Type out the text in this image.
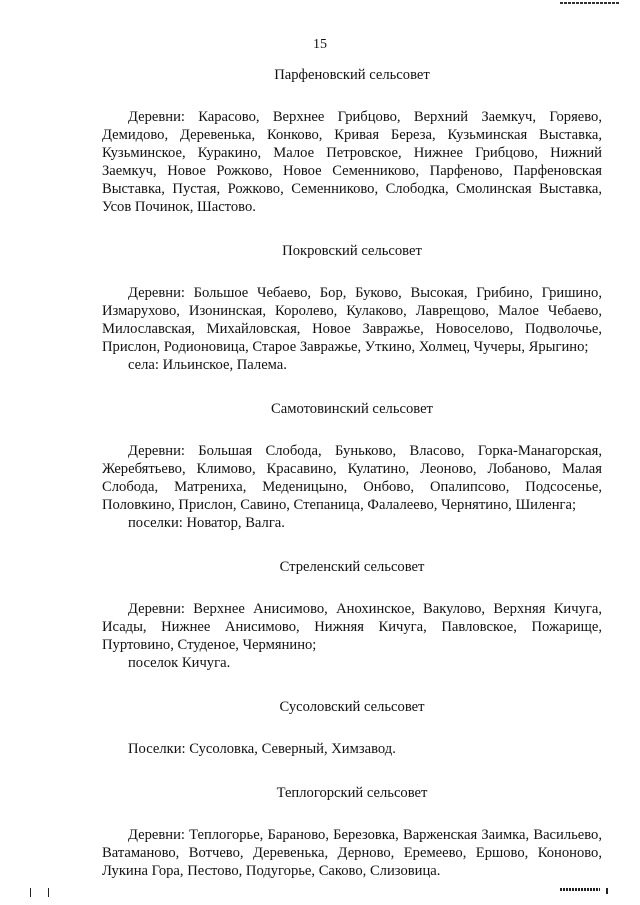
15

Парфеновский сельсовет

Деревни: Карасово, Верхнее Грибцово, Верхний Заемкуч, Горяево, Демидово, Деревенька, Конково, Кривая Береза, Кузьминская Выставка, Кузьминское, Куракино, Малое Петровское, Нижнее Грибцово, Нижний Заемкуч, Новое Рожково, Новое Семенниково, Парфеново, Парфеновская Выставка, Пустая, Рожково, Семенниково, Слободка, Смолинская Выставка, Усов Починок, Шастово.

Покровский сельсовет

Деревни: Большое Чебаево, Бор, Буково, Высокая, Грибино, Гришино, Измарухово, Изонинская, Королево, Кулаково, Лаврещово, Малое Чебаево, Милославская, Михайловская, Новое Завражье, Новоселово, Подволочье, Прислон, Родионовица, Старое Завражье, Уткино, Холмец, Чучеры, Ярыгино;

села: Ильинское, Палема.

Самотовинский сельсовет

Деревни: Большая Слобода, Буньково, Власово, Горка-Манагорская, Жеребятьево, Климово, Красавино, Кулатино, Леоново, Лобаново, Малая Слобода, Матрениха, Меденицыно, Онбово, Опалипсово, Подсосенье, Половкино, Прислон, Савино, Степаница, Фалалеево, Чернятино, Шиленга;

поселки: Новатор, Валга.

Стреленский сельсовет

Деревни: Верхнее Анисимово, Анохинское, Вакулово, Верхняя Кичуга, Исады, Нижнее Анисимово, Нижняя Кичуга, Павловское, Пожарище, Пуртовино, Студеное, Чермянино;

поселок Кичуга.

Сусоловский сельсовет

Поселки: Сусоловка, Северный, Химзавод.

Теплогорский сельсовет

Деревни: Теплогорье, Бараново, Березовка, Варженская Заимка, Васильево, Ватаманово, Вотчево, Деревенька, Дерново, Еремеево, Ершово, Кононово, Лукина Гора, Пестово, Подугорье, Саково, Слизовица.
